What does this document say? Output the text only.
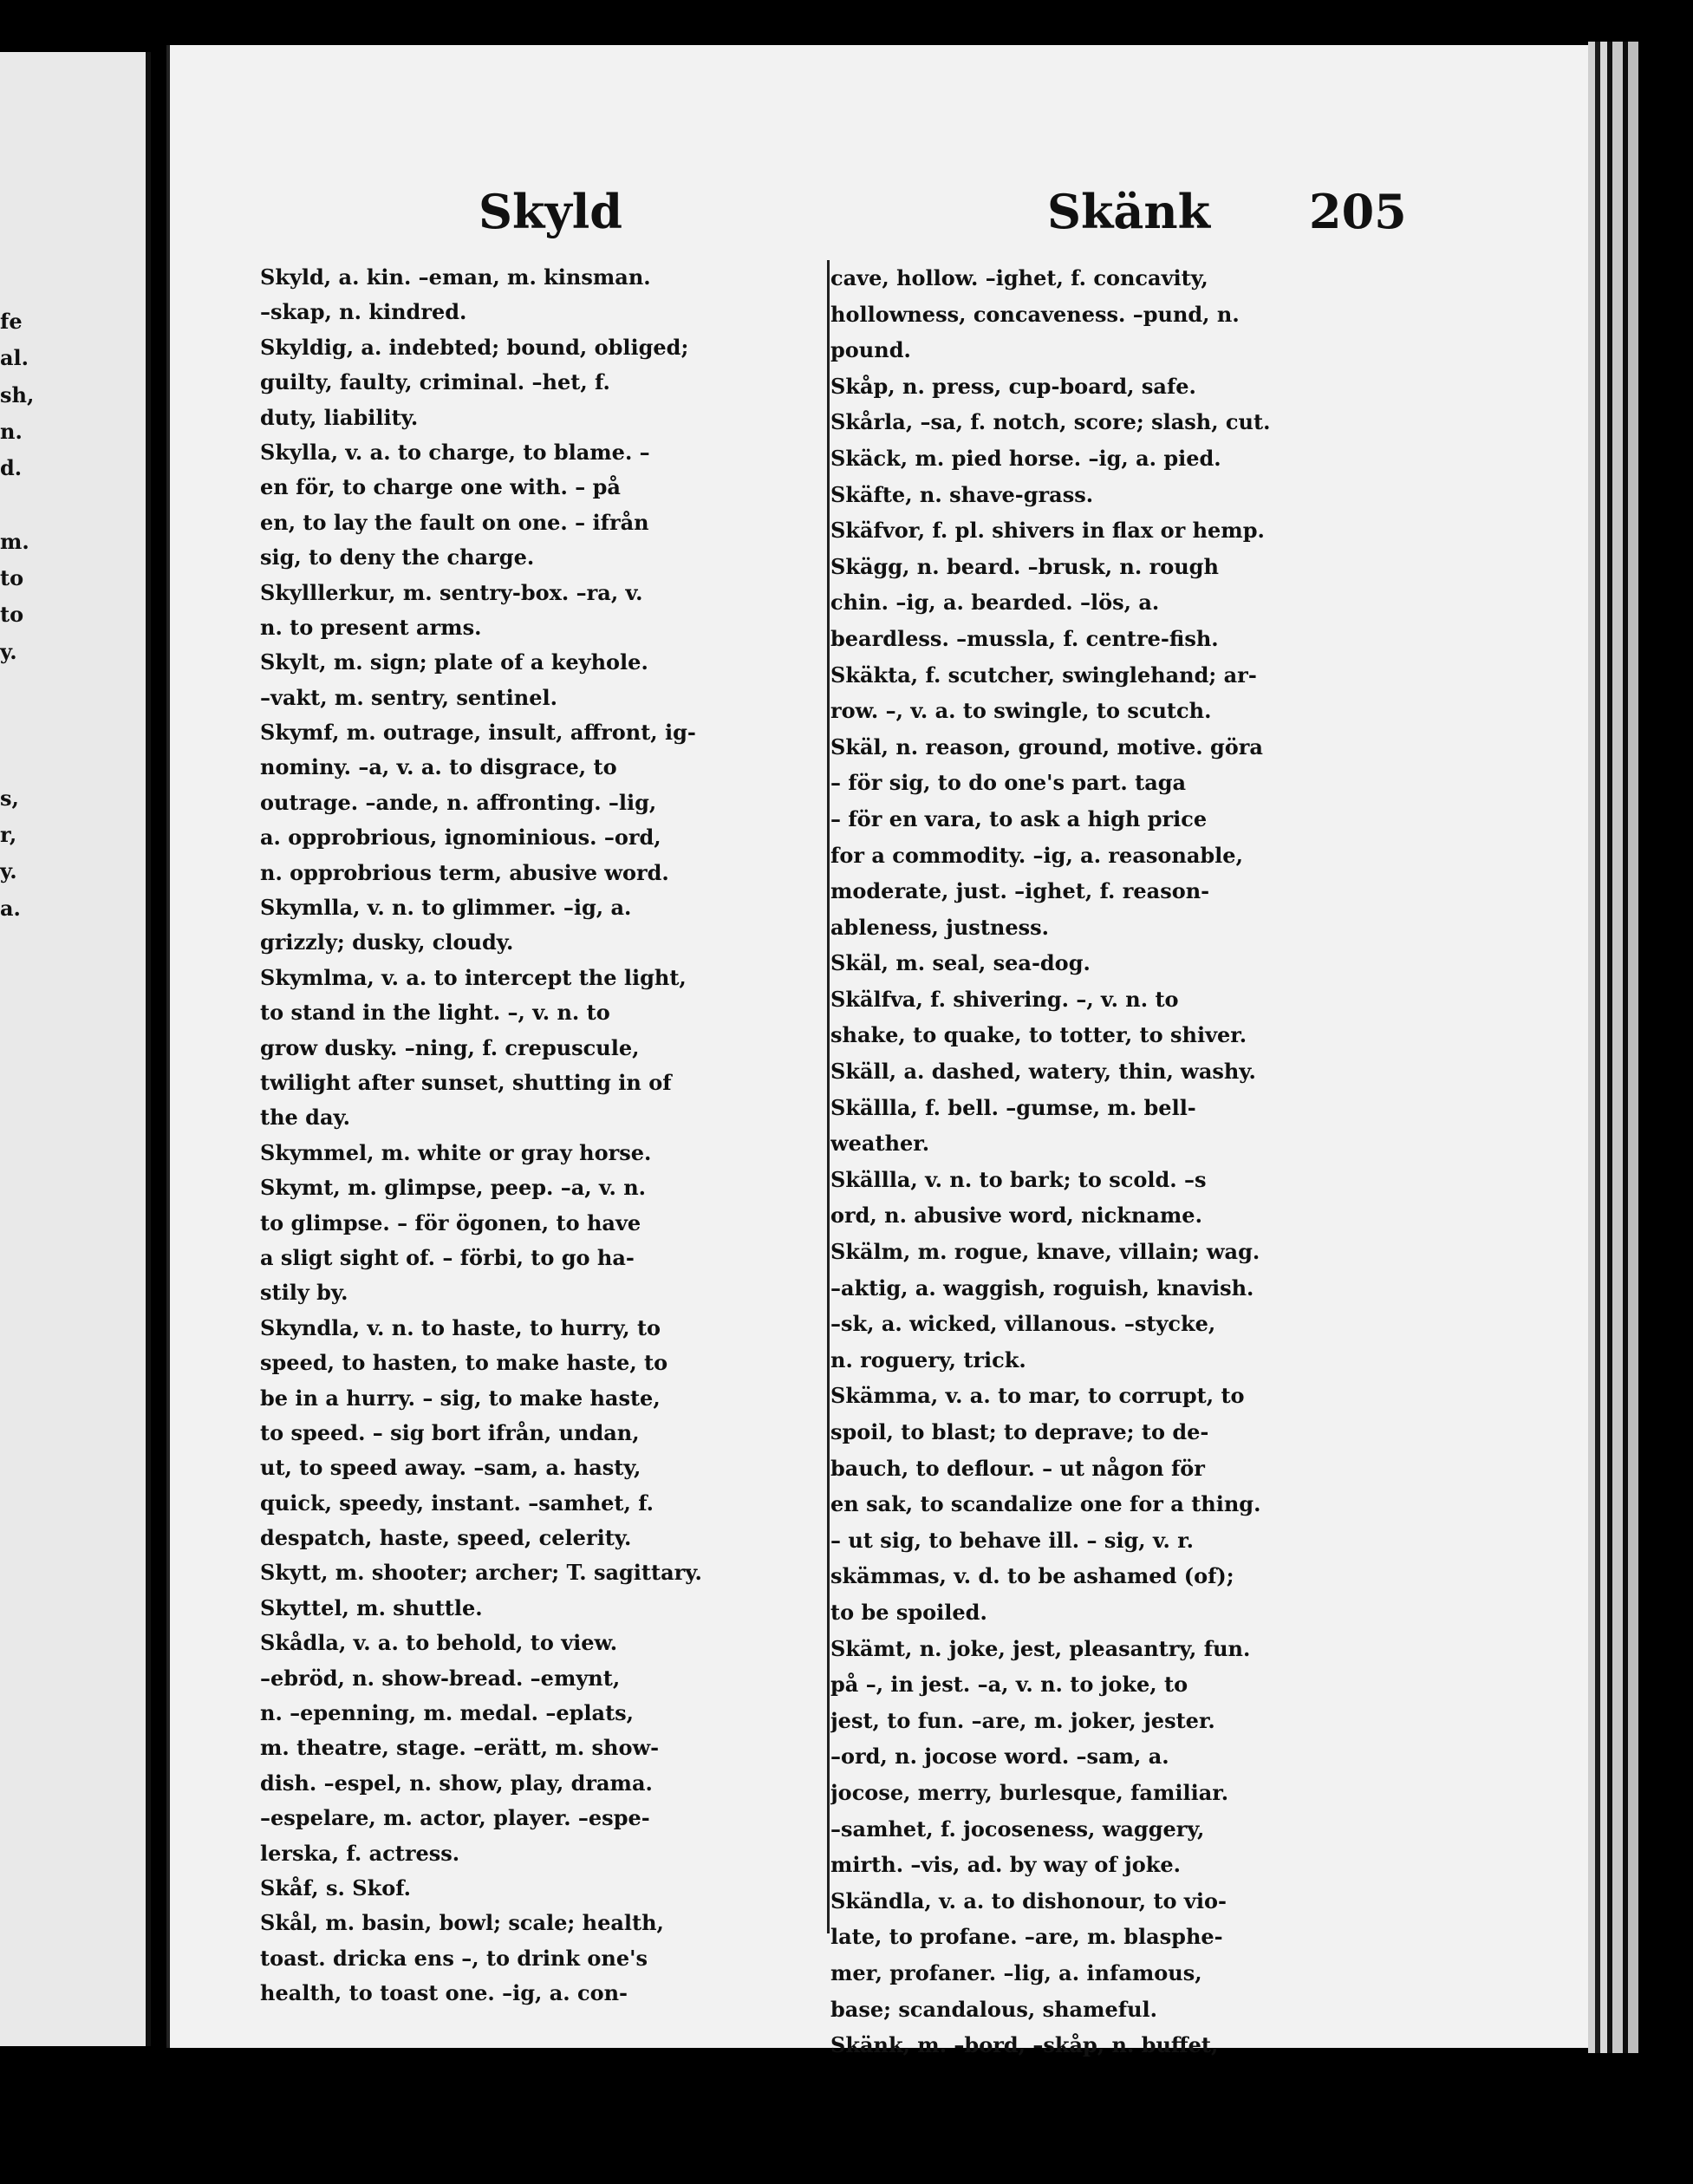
fe
al.
sh,
n.
d.
m.
to
to
y.
s,
r,
y.
a.
Skyld	Skänk 205
Skyld, a. kin. –eman, m. kinsman.
–skap, n. kindred.
Skyldig, a. indebted; bound, obliged;
guilty, faulty, criminal. –het, f.
duty, liability.
Skylla, v. a. to charge, to blame. –
en för, to charge one with. – på
en, to lay the fault on one. – ifrån
sig, to deny the charge.
Skylllerkur, m. sentry-box. –ra, v.
n. to present arms.
Skylt, m. sign; plate of a keyhole.
–vakt, m. sentry, sentinel.
Skymf, m. outrage, insult, affront, ig-
nominy. –a, v. a. to disgrace, to
outrage. –ande, n. affronting. –lig,
a. opprobrious, ignominious. –ord,
n. opprobrious term, abusive word.
Skymlla, v. n. to glimmer. –ig, a.
grizzly; dusky, cloudy.
Skymlma, v. a. to intercept the light,
to stand in the light. –, v. n. to
grow dusky. –ning, f. crepuscule,
twilight after sunset, shutting in of
the day.
Skymmel, m. white or gray horse.
Skymt, m. glimpse, peep. –a, v. n.
to glimpse. – för ögonen, to have
a sligt sight of. – förbi, to go ha-
stily by.
Skyndla, v. n. to haste, to hurry, to
speed, to hasten, to make haste, to
be in a hurry. – sig, to make haste,
to speed. – sig bort ifrån, undan,
ut, to speed away. –sam, a. hasty,
quick, speedy, instant. –samhet, f.
despatch, haste, speed, celerity.
Skytt, m. shooter; archer; T. sagittary.
Skyttel, m. shuttle.
Skådla, v. a. to behold, to view.
–ebröd, n. show-bread. –emynt,
n. –epenning, m. medal. –eplats,
m. theatre, stage. –erätt, m. show-
dish. –espel, n. show, play, drama.
–espelare, m. actor, player. –espe-
lerska, f. actress.
Skåf, s. Skof.
Skål, m. basin, bowl; scale; health,
toast. dricka ens –, to drink one's
health, to toast one. –ig, a. con-
cave, hollow. –ighet, f. concavity,
hollowness, concaveness. –pund, n.
pound.
Skåp, n. press, cup-board, safe.
Skårla, –sa, f. notch, score; slash, cut.
Skäck, m. pied horse. –ig, a. pied.
Skäfte, n. shave-grass.
Skäfvor, f. pl. shivers in flax or hemp.
Skägg, n. beard. –brusk, n. rough
chin. –ig, a. bearded. –lös, a.
beardless. –mussla, f. centre-fish.
Skäkta, f. scutcher, swinglehand; ar-
row. –, v. a. to swingle, to scutch.
Skäl, n. reason, ground, motive. göra
– för sig, to do one's part. taga
– för en vara, to ask a high price
for a commodity. –ig, a. reasonable,
moderate, just. –ighet, f. reason-
ableness, justness.
Skäl, m. seal, sea-dog.
Skälfva, f. shivering. –, v. n. to
shake, to quake, to totter, to shiver.
Skäll, a. dashed, watery, thin, washy.
Skällla, f. bell. –gumse, m. bell-
weather.
Skällla, v. n. to bark; to scold. –s
ord, n. abusive word, nickname.
Skälm, m. rogue, knave, villain; wag.
–aktig, a. waggish, roguish, knavish.
–sk, a. wicked, villanous. –stycke,
n. roguery, trick.
Skämma, v. a. to mar, to corrupt, to
spoil, to blast; to deprave; to de-
bauch, to deflour. – ut någon för
en sak, to scandalize one for a thing.
– ut sig, to behave ill. – sig, v. r.
skämmas, v. d. to be ashamed (of);
to be spoiled.
Skämt, n. joke, jest, pleasantry, fun.
på –, in jest. –a, v. n. to joke, to
jest, to fun. –are, m. joker, jester.
–ord, n. jocose word. –sam, a.
jocose, merry, burlesque, familiar.
–samhet, f. jocoseness, waggery,
mirth. –vis, ad. by way of joke.
Skändla, v. a. to dishonour, to vio-
late, to profane. –are, m. blasphe-
mer, profaner. –lig, a. infamous,
base; scandalous, shameful.
Skänk, m. –bord, –skåp, n. buffet,
